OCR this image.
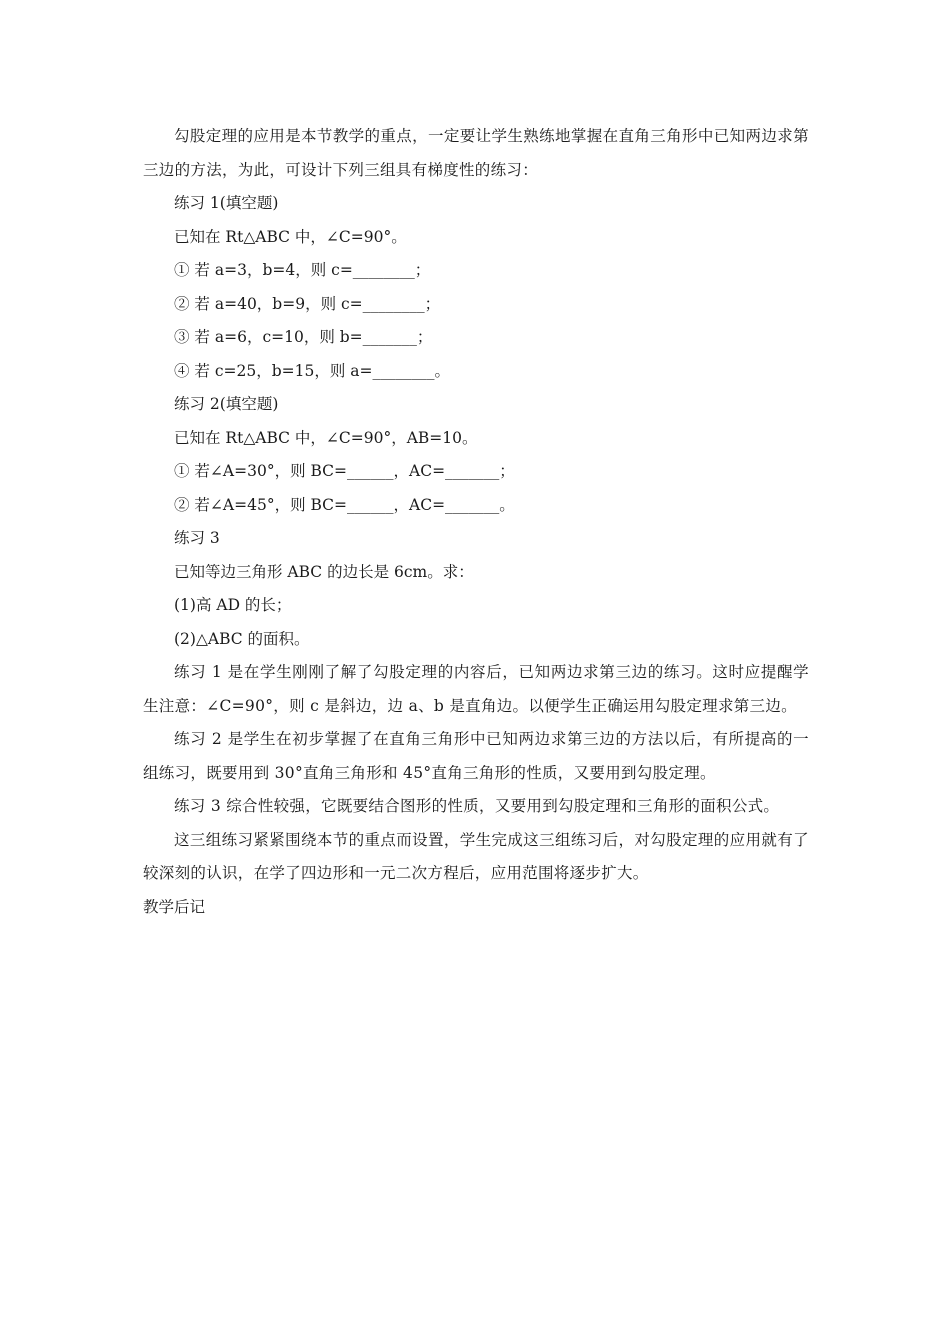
勾股定理的应用是本节教学的重点，一定要让学生熟练地掌握在直角三角形中已知两边求第三边的方法，为此，可设计下列三组具有梯度性的练习：

练习 1(填空题)

已知在 Rt△ABC 中，∠C=90°。

① 若 a=3，b=4，则 c=________；

② 若 a=40，b=9，则 c=________；

③ 若 a=6，c=10，则 b=_______；

④ 若 c=25，b=15，则 a=________。

练习 2(填空题)

已知在 Rt△ABC 中，∠C=90°，AB=10。

① 若∠A=30°，则 BC=______，AC=_______；

② 若∠A=45°，则 BC=______，AC=_______。

练习 3

已知等边三角形 ABC 的边长是 6cm。求：

(1)高 AD 的长；

(2)△ABC 的面积。

练习 1 是在学生刚刚了解了勾股定理的内容后，已知两边求第三边的练习。这时应提醒学生注意：∠C=90°，则 c 是斜边，边 a、b 是直角边。以便学生正确运用勾股定理求第三边。

练习 2 是学生在初步掌握了在直角三角形中已知两边求第三边的方法以后，有所提高的一组练习，既要用到 30°直角三角形和 45°直角三角形的性质，又要用到勾股定理。

练习 3 综合性较强，它既要结合图形的性质，又要用到勾股定理和三角形的面积公式。

这三组练习紧紧围绕本节的重点而设置，学生完成这三组练习后，对勾股定理的应用就有了较深刻的认识，在学了四边形和一元二次方程后，应用范围将逐步扩大。

教学后记
